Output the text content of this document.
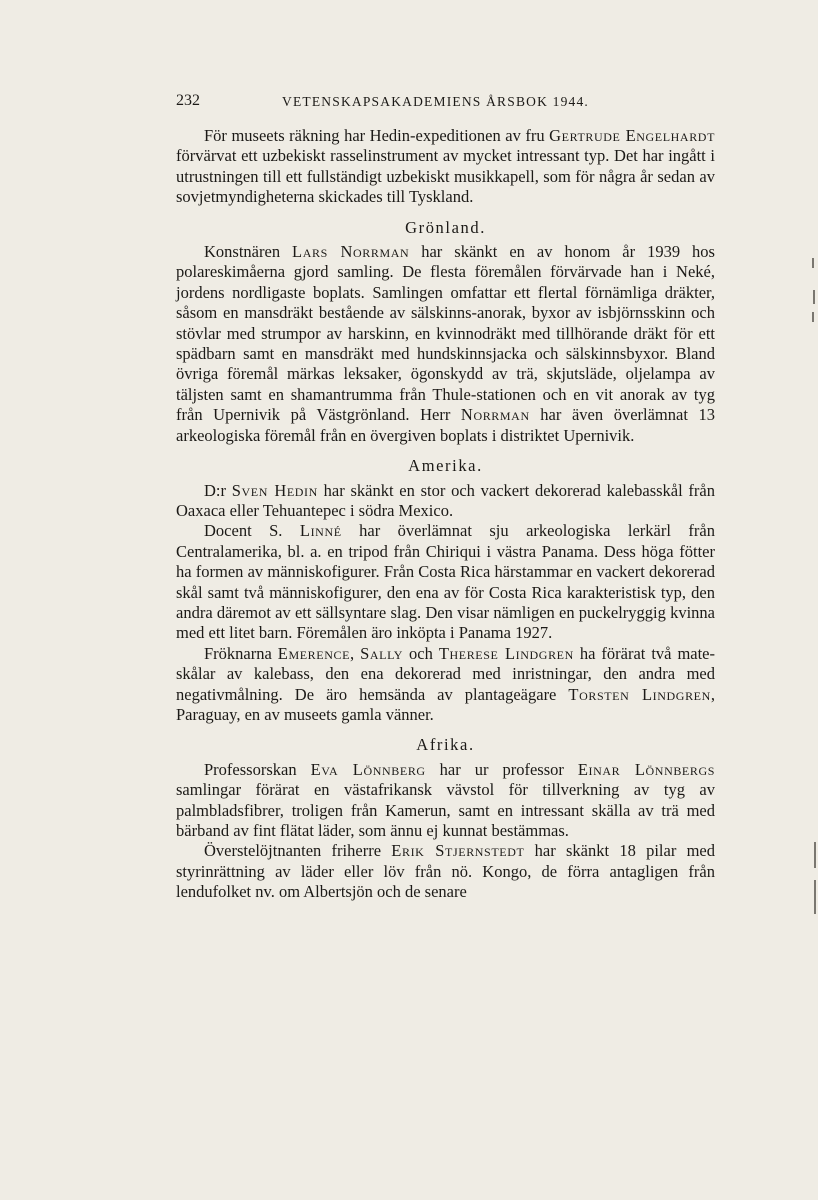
232	VETENSKAPSAKADEMIENS ÅRSBOK 1944.

För museets räkning har Hedin-expeditionen av fru Gertrude Engelhardt förvärvat ett uzbekiskt rasselinstrument av mycket intressant typ. Det har ingått i utrustningen till ett fullständigt uzbekiskt musikkapell, som för några år sedan av sovjetmyndigheterna skickades till Tyskland.

Grönland.

Konstnären Lars Norrman har skänkt en av honom år 1939 hos polareskimåerna gjord samling. De flesta föremålen förvärvade han i Neké, jordens nordligaste boplats. Samlingen omfattar ett flertal förnämliga dräkter, såsom en mansdräkt bestående av sälskinns-anorak, byxor av isbjörnsskinn och stövlar med strumpor av harskinn, en kvinnodräkt med tillhörande dräkt för ett spädbarn samt en mansdräkt med hundskinnsjacka och sälskinnsbyxor. Bland övriga föremål märkas leksaker, ögonskydd av trä, skjutsläde, oljelampa av täljsten samt en shamantrumma från Thule-stationen och en vit anorak av tyg från Upernivik på Västgrönland. Herr Norrman har även överlämnat 13 arkeologiska föremål från en övergiven boplats i distriktet Upernivik.

Amerika.

D:r Sven Hedin har skänkt en stor och vackert dekorerad kalebasskål från Oaxaca eller Tehuantepec i södra Mexico.

Docent S. Linné har överlämnat sju arkeologiska lerkärl från Centralamerika, bl. a. en tripod från Chiriqui i västra Panama. Dess höga fötter ha formen av människofigurer. Från Costa Rica härstammar en vackert dekorerad skål samt två människofigurer, den ena av för Costa Rica karakteristisk typ, den andra däremot av ett sällsyntare slag. Den visar nämligen en puckelryggig kvinna med ett litet barn. Föremålen äro inköpta i Panama 1927.

Fröknarna Emerence, Sally och Therese Lindgren ha förärat två mate-skålar av kalebass, den ena dekorerad med inristningar, den andra med negativmålning. De äro hemsända av plantageägare Torsten Lindgren, Paraguay, en av museets gamla vänner.

Afrika.

Professorskan Eva Lönnberg har ur professor Einar Lönnbergs samlingar förärat en västafrikansk vävstol för tillverkning av tyg av palmbladsfibrer, troligen från Kamerun, samt en intressant skälla av trä med bärband av fint flätat läder, som ännu ej kunnat bestämmas.

Överstelöjtnanten friherre Erik Stjernstedt har skänkt 18 pilar med styrinrättning av läder eller löv från nö. Kongo, de förra antagligen från lendufolket nv. om Albertsjön och de senare
